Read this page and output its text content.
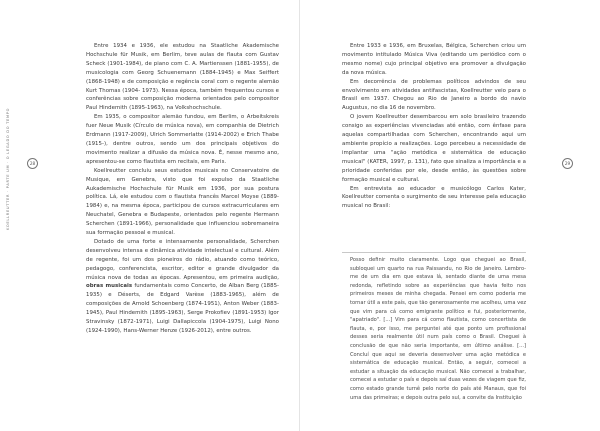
KOELLREUTTER · PARTE UM · O LEGADO DO TEMPO	28

Entre 1934 e 1936, ele estudou na Staatliche Akademische Hochschule für Musik, em Berlim, teve aulas de flauta com Gustav Scheck (1901-1984), de piano com C. A. Martienssen (1881-1955), de musicologia com Georg Schuenemann (1884-1945) e Max Seiffert (1868-1948) e de composição e regência coral com o regente alemão Kurt Thomas (1904- 1973). Nessa época, também frequentou cursos e conferências sobre composição moderna orientados pelo compositor Paul Hindemith (1895-1963), na Volkshochschule.

Em 1935, o compositor alemão fundou, em Berlim, o Arbeitskreis fuer Neue Musik (Círculo de música nova), em companhia de Dietrich Erdmann (1917-2009), Ulrich Sommerlatte (1914-2002) e Erich Thabe (1915-), dentre outros, sendo um dos principais objetivos do movimento realizar a difusão da música nova. É, nesse mesmo ano, apresentou-se como flautista em recitais, em Paris.

Koellreutter concluiu seus estudos musicais no Conservatoire de Musique, em Genebra, visto que foi expulso da Staatliche Aukademische Hochschule für Musik em 1936, por sua postura política. Lá, ele estudou com o flautista francês Marcel Moyse (1889-1984) e, na mesma época, participou de cursos extracurriculares em Neuchatel, Genebra e Budapeste, orientados pelo regente Hermann Scherchen (1891-1966), personalidade que influenciou sobremaneira sua formação pessoal e musical.

Dotado de uma forte e intensamente personalidade, Scherchen desenvolveu intensa e dinâmica atividade intelectual e cultural. Além de regente, foi um dos pioneiros do rádio, atuando como teórico, pedagogo, conferencista, escritor, editor e grande divulgador da música nova de todas as épocas. Apresentou, em primeira audição, obras musicais fundamentais como Concerto, de Alban Berg (1885-1935) e Déserts, de Edgard Varèse (1883-1965), além de composições de Arnold Schoenberg (1874-1951), Anton Weber (1883-1945), Paul Hindemith (1895-1963), Serge Prokofiev (1891-1953) Igor Stravinsky (1872-1971), Luigi Dallapiccola (1904-1975), Luigi Nono (1924-1990), Hans-Werner Henze (1926-2012), entre outros.

29

Entre 1933 e 1936, em Bruxelas, Bélgica, Scherchen criou um movimento intitulado Música Viva (editando um periódico com o mesmo nome) cujo principal objetivo era promover a divulgação da nova música.

Em decorrência de problemas políticos advindos de seu envolvimento em atividades antifascistas, Koellreutter veio para o Brasil em 1937. Chegou ao Rio de Janeiro a bordo do navio Augustus, no dia 16 de novembro.

O jovem Koellreutter desembarcou em solo brasileiro trazendo consigo as experiências vivenciadas até então, com ênfase para aquelas compartilhadas com Scherchen, encontrando aqui um ambiente propício a realizações. Logo percebeu a necessidade de implantar uma "ação metódica e sistemática de educação musical" (KATER, 1997, p. 131), fato que sinaliza a importância e a prioridade conferidas por ele, desde então, às questões sobre formação musical e cultural.

Em entrevista ao educador e musicólogo Carlos Kater, Koellreutter comenta o surgimento de seu interesse pela educação musical no Brasil:

Posso definir muito claramente. Logo que cheguei ao Brasil, subloquei um quarto na rua Paissandu, no Rio de Janeiro. Lembro-me de um dia em que estava lá, sentado diante de uma mesa redonda, refletindo sobre as experiências que havia feito nos primeiros meses de minha chegada. Pensei em como poderia me tornar útil a este país, que tão generosamente me acolheu, uma vez que vim para cá como emigrante político e fui, posteriormente, "apatriado". [...] Vim para cá como flautista, como concertista de flauta, e, por isso, me perguntei até que ponto um profissional desses seria realmente útil num país como o Brasil. Cheguei à conclusão de que não seria importante, em último análise. [...] Concluí que aqui se deveria desenvolver uma ação metódica e sistemática de educação musical. Então, a seguir, comecei a estudar a situação da educação musical. Não comecei a trabalhar, comecei a estudar o país e depois saí duas vezes de viagem que fiz, como estado grande turnê pelo norte do país até Manaus, que foi uma das primeiras; e depois outra pelo sul, a convite da Instituição
